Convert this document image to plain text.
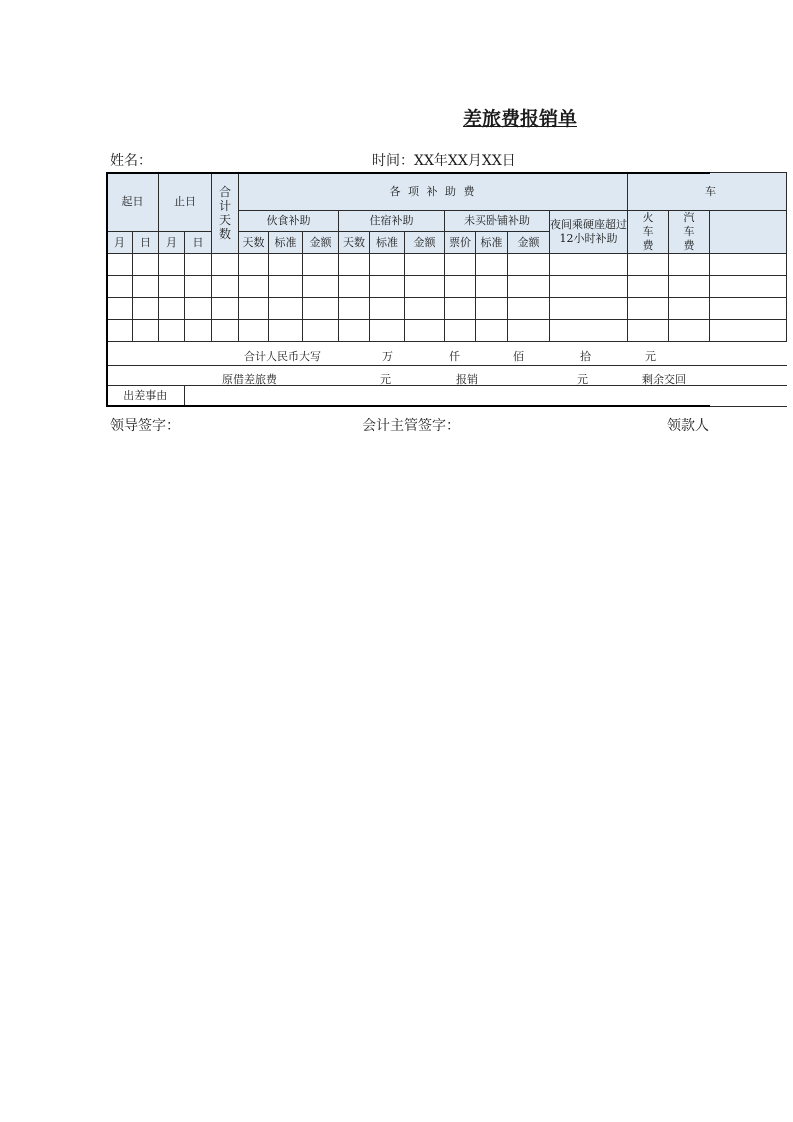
差旅费报销单
姓名：	时间：XX年XX月XX日
起日		止日		合计天数	各 项 补 助 费										车		
					伙食补助			住宿补助			未买卧铺补助			夜间乘硬座超过12小时补助	火车费	汽车费	
月	日	月	日		天数	标准	金额	天数	标准	金额	票价	标准	金额				

出差事由																	
合计人民币大写	万	仟	佰	拾	元
原借差旅费	元	报销	元	剩余交回
领导签字：	会计主管签字：	领款人
